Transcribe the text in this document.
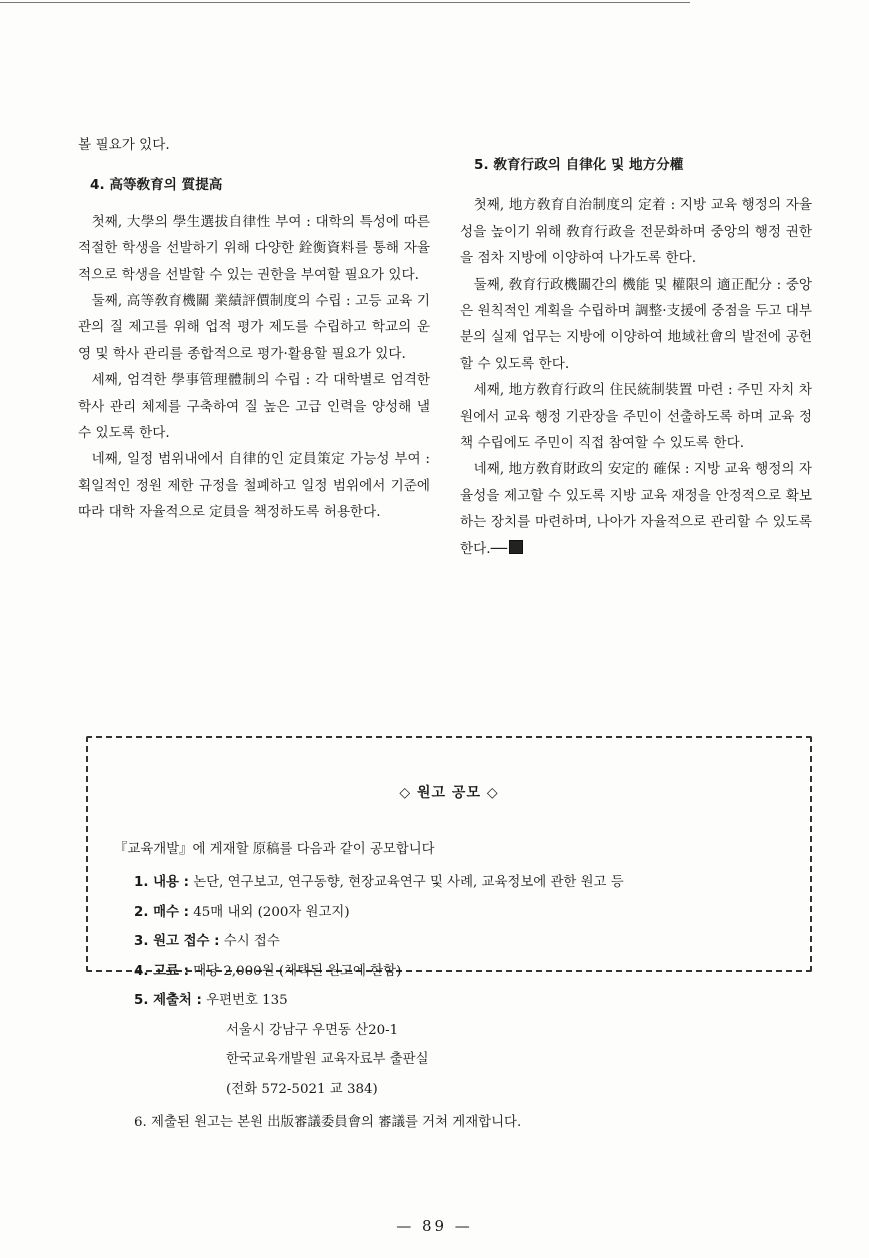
볼 필요가 있다.

4. 高等敎育의 質提高

첫째, 大學의 學生選拔自律性 부여 : 대학의 특성에 따른 적절한 학생을 선발하기 위해 다양한 銓衡資料를 통해 자율적으로 학생을 선발할 수 있는 권한을 부여할 필요가 있다.

둘째, 高等敎育機關 業績評價制度의 수립 : 고등 교육 기관의 질 제고를 위해 업적 평가 제도를 수립하고 학교의 운영 및 학사 관리를 종합적으로 평가·활용할 필요가 있다.

세째, 엄격한 學事管理體制의 수립 : 각 대학별로 엄격한 학사 관리 체제를 구축하여 질 높은 고급 인력을 양성해 낼 수 있도록 한다.

네째, 일정 범위내에서 自律的인 定員策定 가능성 부여 : 획일적인 정원 제한 규정을 철폐하고 일정 범위에서 기준에 따라 대학 자율적으로 定員을 책정하도록 허용한다.

5. 敎育行政의 自律化 및 地方分權

첫째, 地方敎育自治制度의 定着 : 지방 교육 행정의 자율성을 높이기 위해 敎育行政을 전문화하며 중앙의 행정 권한을 점차 지방에 이양하여 나가도록 한다.

둘째, 敎育行政機關간의 機能 및 權限의 適正配分 : 중앙은 원칙적인 계획을 수립하며 調整·支援에 중점을 두고 대부분의 실제 업무는 지방에 이양하여 地域社會의 발전에 공헌할 수 있도록 한다.

세째, 地方敎育行政의 住民統制裝置 마련 : 주민 자치 차원에서 교육 행정 기관장을 주민이 선출하도록 하며 교육 정책 수립에도 주민이 직접 참여할 수 있도록 한다.

네째, 地方敎育財政의 安定的 確保 : 지방 교육 행정의 자율성을 제고할 수 있도록 지방 교육 재정을 안정적으로 확보하는 장치를 마련하며, 나아가 자율적으로 관리할 수 있도록 한다.──

◇ 원고 공모 ◇
『교육개발』에 게재할 原稿를 다음과 같이 공모합니다
1. 내용 : 논단, 연구보고, 연구동향, 현장교육연구 및 사례, 교육정보에 관한 원고 등
2. 매수 : 45매 내외 (200자 원고지)
3. 원고 접수 : 수시 접수
4. 고료 : 매당 2,000원 (채택된 원고에 한함)
5. 제출처 : 우편번호 135
서울시 강남구 우면동 산20-1
한국교육개발원 교육자료부 출판실
(전화 572-5021 교 384)
6. 제출된 원고는 본원 出版審議委員會의 審議를 거쳐 게재합니다.
— 89 —
